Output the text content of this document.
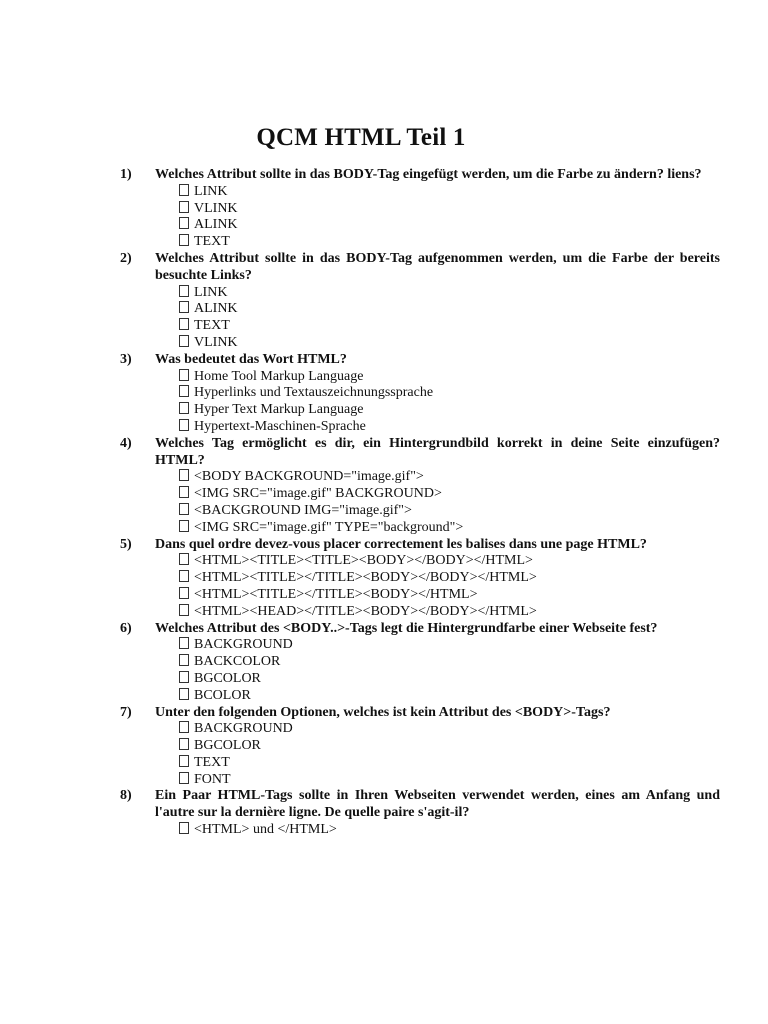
QCM HTML Teil 1
1) Welches Attribut sollte in das BODY-Tag eingefügt werden, um die Farbe zu ändern? liens?
LINK
VLINK
ALINK
TEXT
2) Welches Attribut sollte in das BODY-Tag aufgenommen werden, um die Farbe der bereits besuchte Links?
LINK
ALINK
TEXT
VLINK
3) Was bedeutet das Wort HTML?
Home Tool Markup Language
Hyperlinks und Textauszeichnungssprache
Hyper Text Markup Language
Hypertext-Maschinen-Sprache
4) Welches Tag ermöglicht es dir, ein Hintergrundbild korrekt in deine Seite einzufügen? HTML?
<BODY BACKGROUND="image.gif">
<IMG SRC="image.gif" BACKGROUND>
<BACKGROUND IMG="image.gif">
<IMG SRC="image.gif" TYPE="background">
5) Dans quel ordre devez-vous placer correctement les balises dans une page HTML?
<HTML><TITLE><TITLE><BODY></BODY></HTML>
<HTML><TITLE></TITLE><BODY></BODY></HTML>
<HTML><TITLE></TITLE><BODY></HTML>
<HTML><HEAD></TITLE><BODY></BODY></HTML>
6) Welches Attribut des <BODY..>-Tags legt die Hintergrundfarbe einer Webseite fest?
BACKGROUND
BACKCOLOR
BGCOLOR
BCOLOR
7) Unter den folgenden Optionen, welches ist kein Attribut des <BODY>-Tags?
BACKGROUND
BGCOLOR
TEXT
FONT
8) Ein Paar HTML-Tags sollte in Ihren Webseiten verwendet werden, eines am Anfang und l'autre sur la dernière ligne. De quelle paire s'agit-il?
<HTML> und </HTML>
